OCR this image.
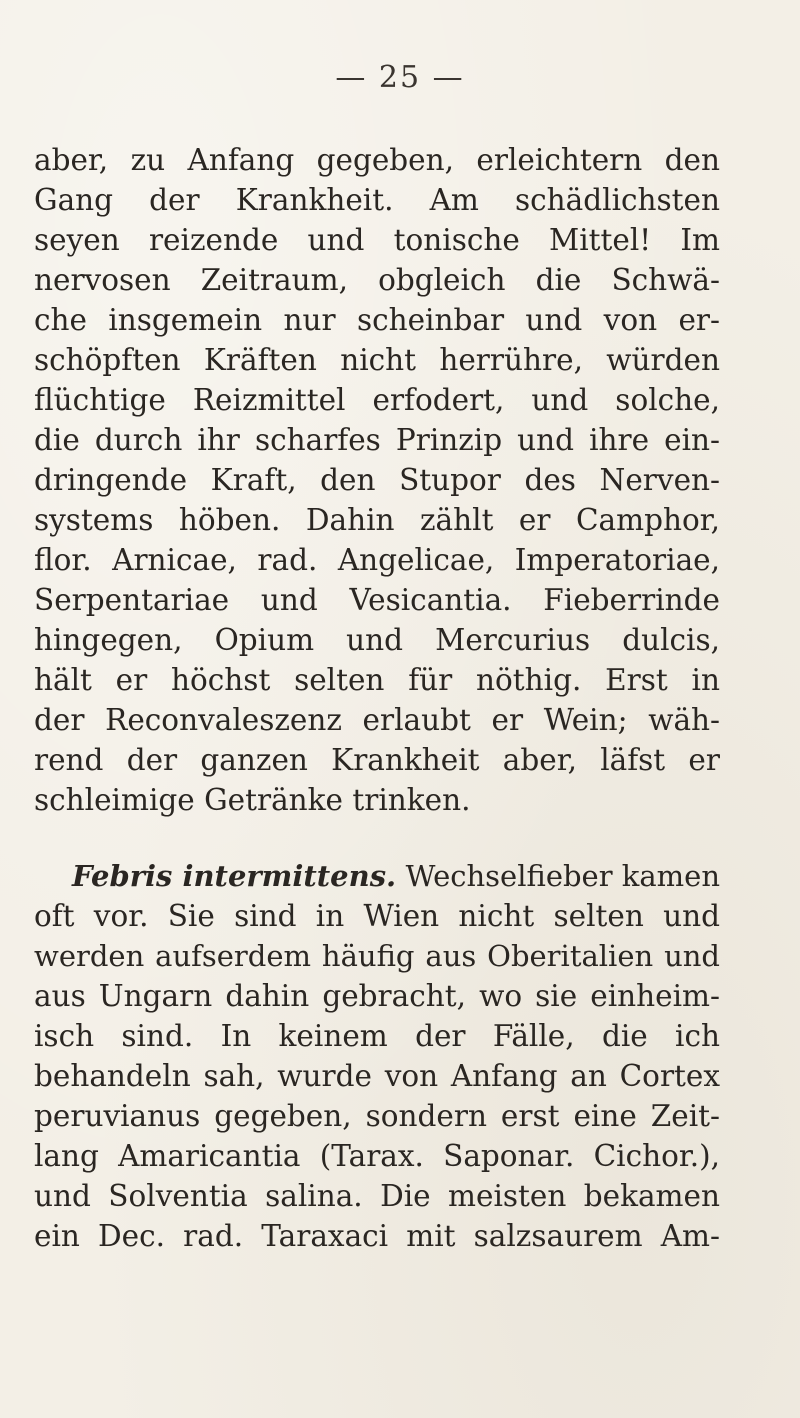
— 25 —
aber, zu Anfang gegeben, erleichtern den
Gang der Krankheit. Am schädlichsten
seyen reizende und tonische Mittel! Im
nervosen Zeitraum, obgleich die Schwä-
che insgemein nur scheinbar und von er-
schöpften Kräften nicht herrühre, würden
flüchtige Reizmittel erfodert, und solche,
die durch ihr scharfes Prinzip und ihre ein-
dringende Kraft, den Stupor des Nerven-
systems höben. Dahin zählt er Camphor,
flor. Arnicae, rad. Angelicae, Imperatoriae,
Serpentariae und Vesicantia. Fieberrinde
hingegen, Opium und Mercurius dulcis,
hält er höchst selten für nöthig. Erst in
der Reconvaleszenz erlaubt er Wein; wäh-
rend der ganzen Krankheit aber, läfst er
schleimige Getränke trinken.
Febris intermittens. Wechselfieber kamen
oft vor. Sie sind in Wien nicht selten und
werden aufserdem häufig aus Oberitalien und
aus Ungarn dahin gebracht, wo sie einheim-
isch sind. In keinem der Fälle, die ich
behandeln sah, wurde von Anfang an Cortex
peruvianus gegeben, sondern erst eine Zeit-
lang Amaricantia (Tarax. Saponar. Cichor.),
und Solventia salina. Die meisten bekamen
ein Dec. rad. Taraxaci mit salzsaurem Am-
